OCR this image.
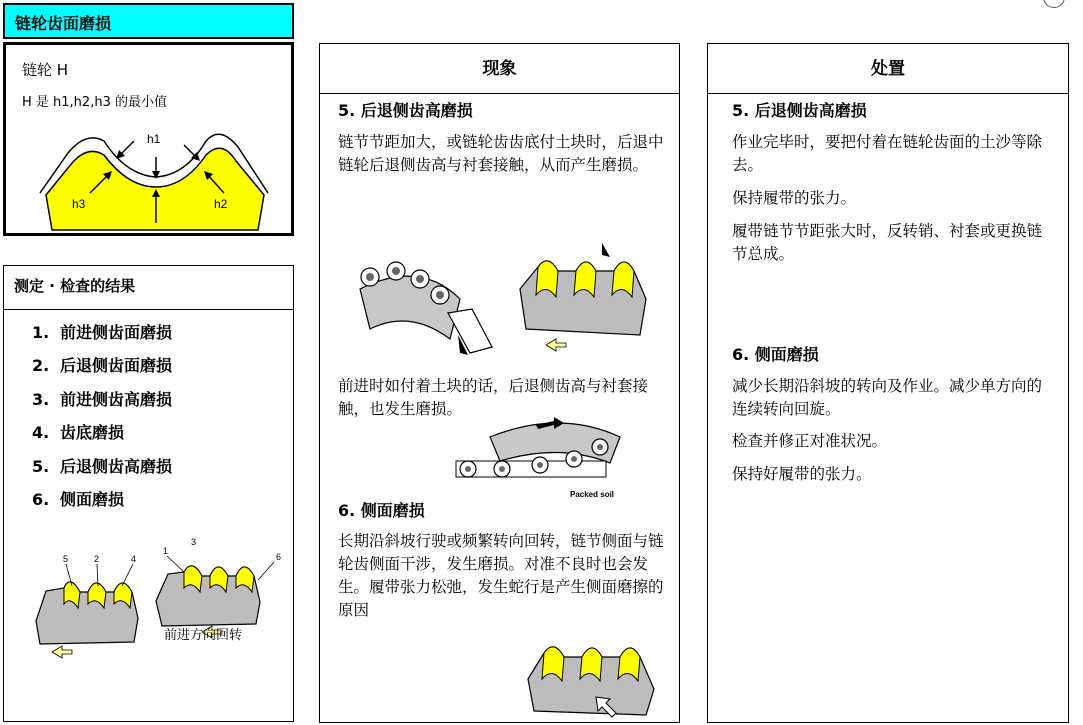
链轮齿面磨损
链轮 H
H 是 h1,h2,h3 的最小值
h1
h3	h2
测定 · 检查的结果
1. 前进侧齿面磨损
2. 后退侧齿面磨损
3. 前进侧齿高磨损
4. 齿底磨损
5. 后退侧齿高磨损
6. 侧面磨损
5	2	4
1
3
6
前进方向回转
现象
5. 后退侧齿高磨损
链节节距加大，或链轮齿齿底付土块时，后退中链轮后退侧齿高与衬套接触，从而产生磨损。
前进时如付着土块的话，后退侧齿高与衬套接触，也发生磨损。
Packed soil
6. 侧面磨损
长期沿斜坡行驶或频繁转向回转，链节侧面与链轮齿侧面干涉，发生磨损。对准不良时也会发生。履带张力松弛，发生蛇行是产生侧面磨擦的原因
处置
5. 后退侧齿高磨损
作业完毕时，要把付着在链轮齿面的土沙等除去。
保持履带的张力。
履带链节节距张大时，反转销、衬套或更换链节总成。
6. 侧面磨损
减少长期沿斜坡的转向及作业。减少单方向的连续转向回旋。
检查并修正对准状况。
保持好履带的张力。
